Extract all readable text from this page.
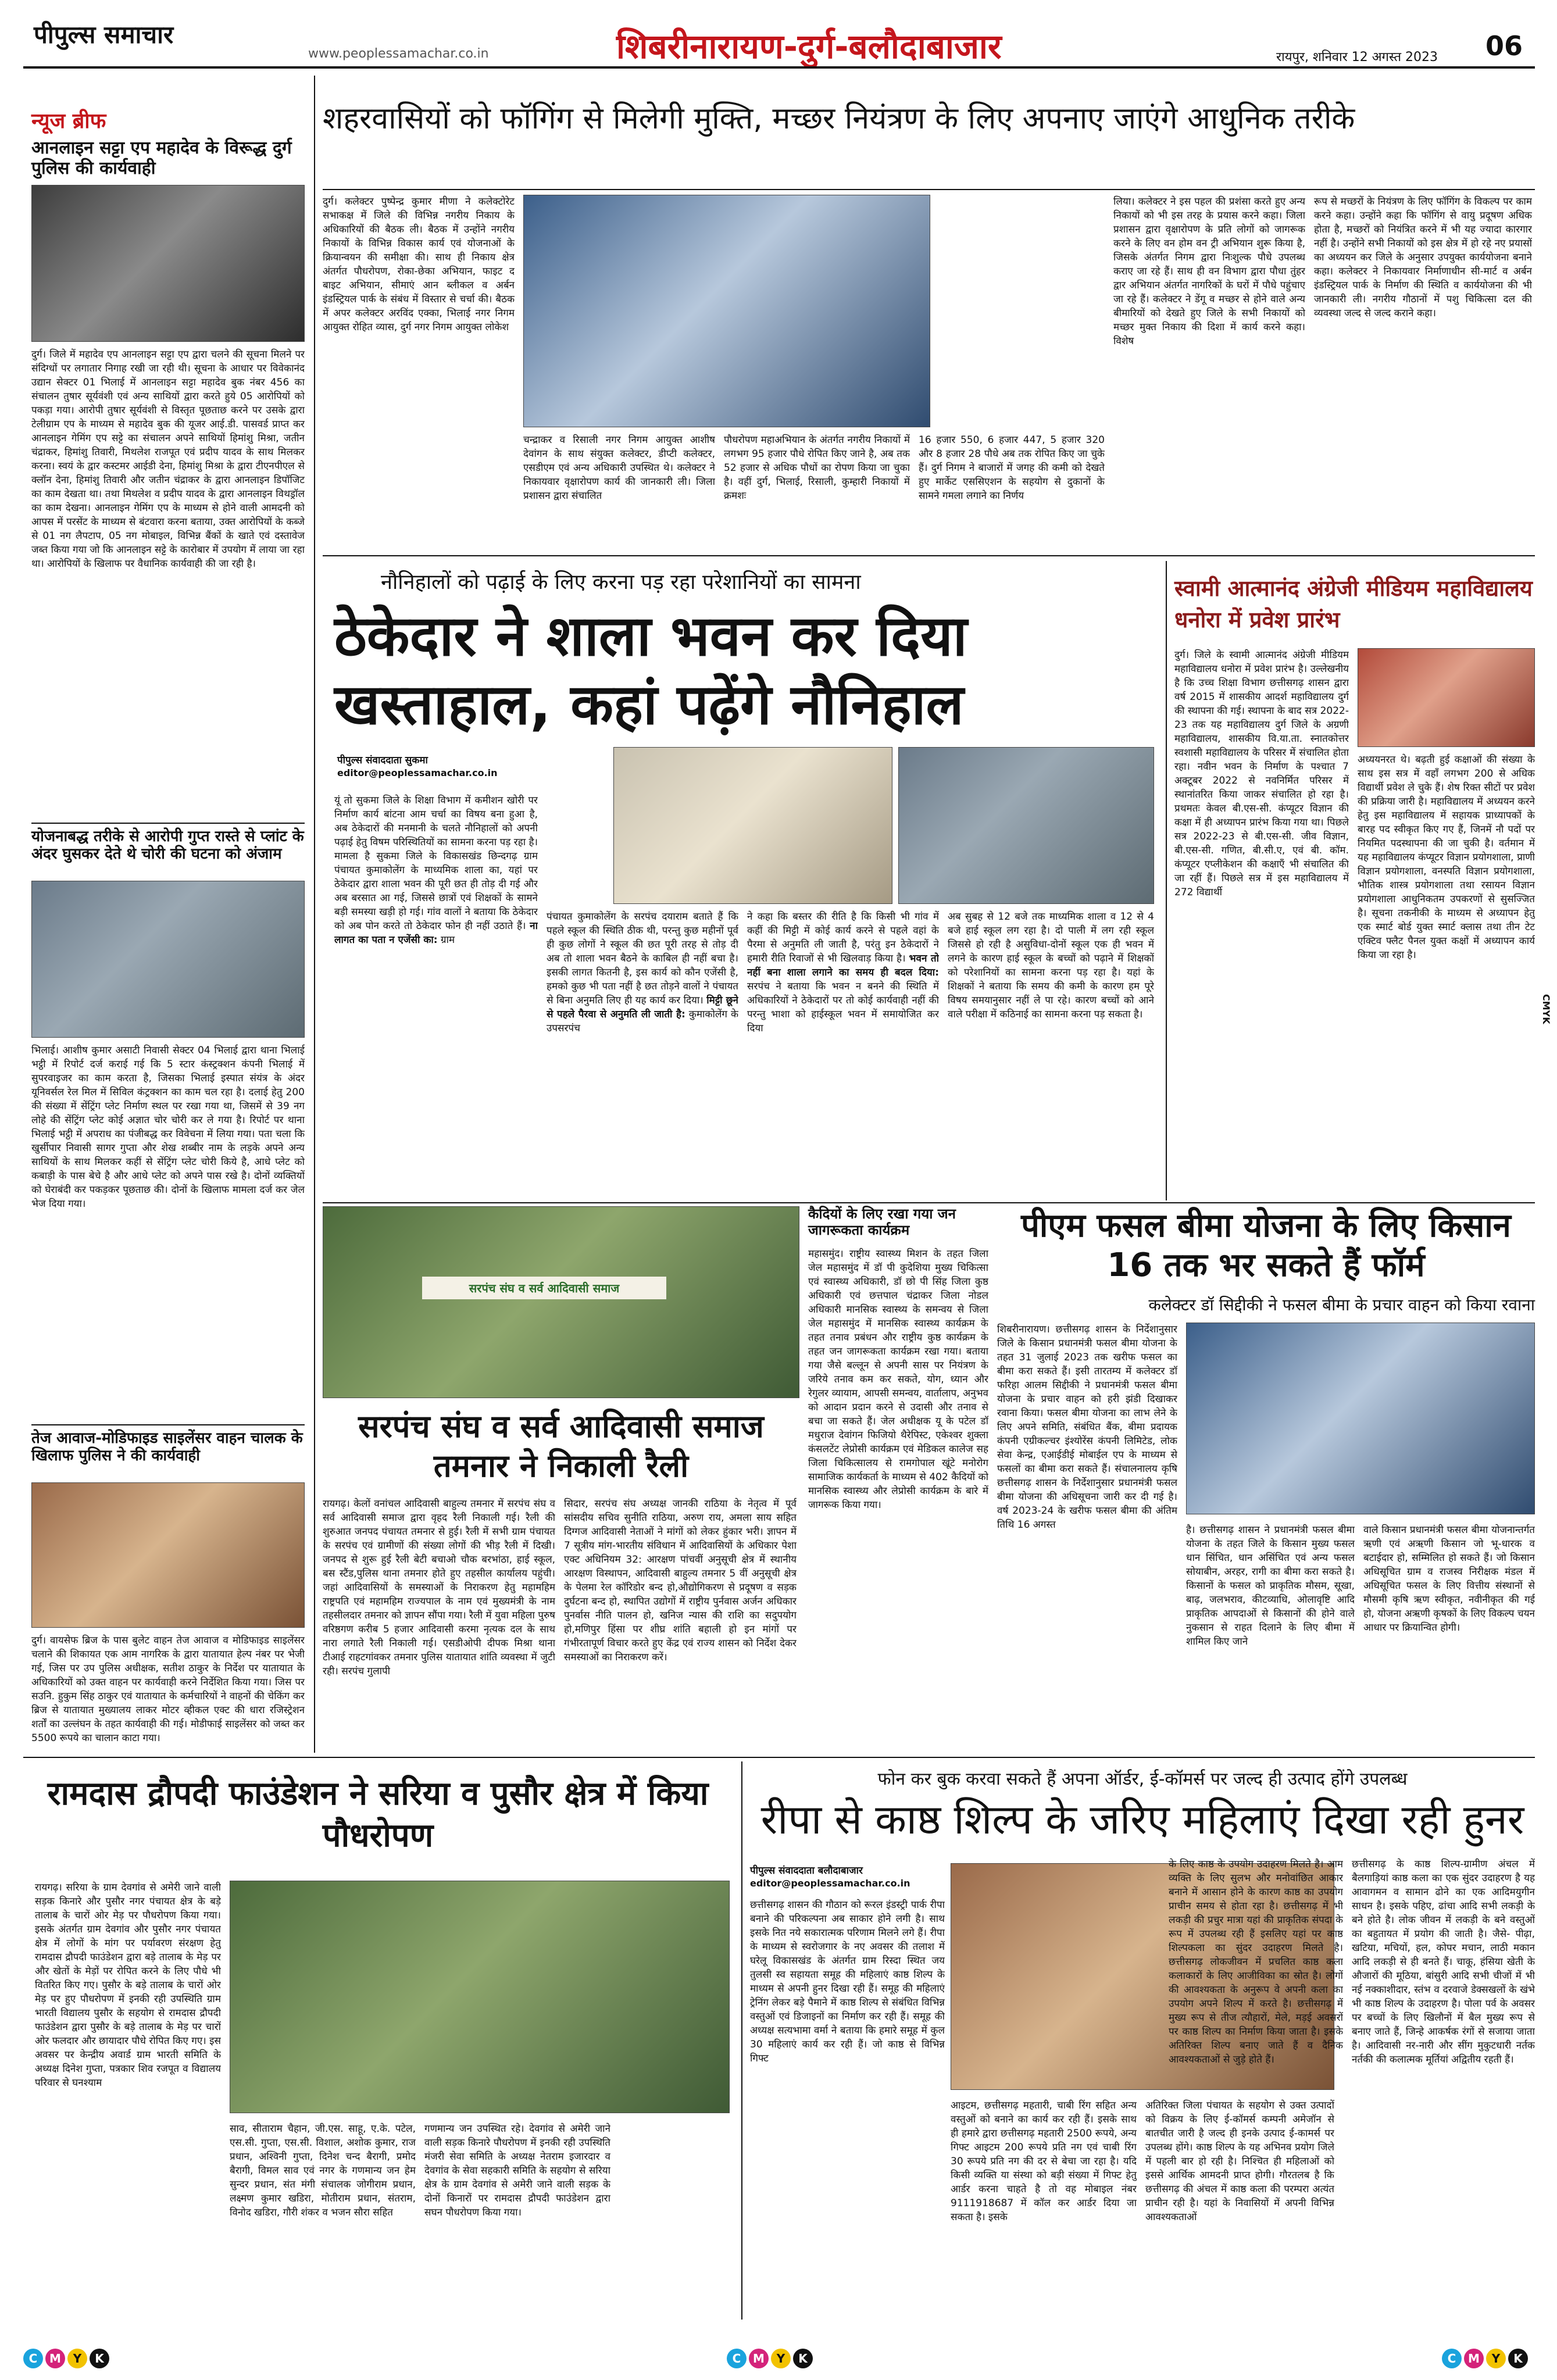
पीपुल्स समाचार
www.peoplessamachar.co.in	शिबरीनारायण-दुर्ग-बलौदाबाजार	रायपुर, शनिवार 12 अगस्त 2023 06
न्यूज ब्रीफ
आनलाइन सट्टा एप महादेव के विरूद्ध दुर्ग पुलिस की कार्यवाही
दुर्ग। जिले में महादेव एप आनलाइन सट्टा एप द्वारा चलने की सूचना मिलने पर संदिग्धों पर लगातार निगाह रखी जा रही थी। सूचना के आधार पर विवेकानंद उद्यान सेक्टर 01 भिलाई में आनलाइन सट्टा महादेव बुक नंबर 456 का संचालन तुषार सूर्यवंशी एवं अन्य साथियों द्वारा करते हुये 05 आरोपियों को पकड़ा गया। आरोपी तुषार सूर्यवंशी से विस्तृत पूछताछ करने पर उसके द्वारा टेलीग्राम एप के माध्यम से महादेव बुक की यूजर आई.डी. पासवर्ड प्राप्त कर आनलाइन गेमिंग एप सट्टे का संचालन अपने साथियों हिमांशु मिश्रा, जतीन चंद्राकर, हिमांशु तिवारी, मिथलेश राजपूत एवं प्रदीप यादव के साथ मिलकर करना। स्वयं के द्वार कस्टमर आईडी देना, हिमांशु मिश्रा के द्वारा टीएनपीएल से क्लॉन देना, हिमांशु तिवारी और जतीन चंद्राकर के द्वारा आनलाइन डिपॉजिट का काम देखता था। तथा मिथलेश व प्रदीप यादव के द्वारा आनलाइन विथड्रॉल का काम देखना। आनलाइन गेमिंग एप के माध्यम से होने वाली आमदनी को आपस में परसेंट के माध्यम से बंटवारा करना बताया, उक्त आरोपियों के कब्जे से 01 नग लैपटाप, 05 नग मोबाइल, विभिन्न बैंकों के खाते एवं दस्तावेज जब्त किया गया जो कि आनलाइन सट्टे के कारोबार में उपयोग में लाया जा रहा था। आरोपियों के खिलाफ पर वैधानिक कार्यवाही की जा रही है।
योजनाबद्ध तरीके से आरोपी गुप्त रास्ते से प्लांट के अंदर घुसकर देते थे चोरी की घटना को अंजाम
भिलाई। आशीष कुमार असाटी निवासी सेक्टर 04 भिलाई द्वारा थाना भिलाई भट्ठी में रिपोर्ट दर्ज कराई गई कि 5 स्टार कंस्ट्रक्शन कंपनी भिलाई में सुपरवाइजर का काम करता है, जिसका भिलाई इस्पात संयंत्र के अंदर यूनिवर्सल रेल मिल में सिविल कंट्रक्शन का काम चल रहा है। दलाई हेतु 200 की संख्या में सेंट्रिंग प्लेट निर्माण स्थल पर रखा गया था, जिसमें से 39 नग लोहे की सेंट्रिंग प्लेट कोई अज्ञात चोर चोरी कर ले गया है। रिपोर्ट पर थाना भिलाई भट्ठी में अपराध का पंजीबद्ध कर विवेचना में लिया गया। पता चला कि खुर्सीपार निवासी सागर गुप्ता और शेख शब्बीर नाम के लड़के अपने अन्य साथियों के साथ मिलकर कहीं से सेंट्रिंग प्लेट चोरी किये है, आधे प्लेट को कबाड़ी के पास बेचे है और आधे प्लेट को अपने पास रखे है। दोनों व्यक्तियों को घेराबंदी कर पकड़कर पूछताछ की। दोनों के खिलाफ मामला दर्ज कर जेल भेज दिया गया।
तेज आवाज-मोडिफाइड साइलेंसर वाहन चालक के खिलाफ पुलिस ने की कार्यवाही
दुर्ग। वायसेफ ब्रिज के पास बुलेट वाहन तेज आवाज व मोडिफाइड साइलेंसर चलाने की शिकायत एक आम नागरिक के द्वारा यातायात हेल्प नंबर पर भेजी गई, जिस पर उप पुलिस अधीक्षक, सतीश ठाकुर के निर्देश पर यातायात के अधिकारियों को उक्त वाहन पर कार्यवाही करने निर्देशित किया गया। जिस पर सउनि. हुकुम सिंह ठाकुर एवं यातायात के कर्मचारियों ने वाहनों की चेकिंग कर ब्रिज से यातायात मुख्यालय लाकर मोटर व्हीकल एक्ट की धारा रजिस्ट्रेशन शर्तों का उल्लंघन के तहत कार्यवाही की गई। मोडीफाई साइलेंसर को जब्त कर 5500 रूपये का चालान काटा गया।
शहरवासियों को फॉगिंग से मिलेगी मुक्ति, मच्छर नियंत्रण के लिए अपनाए जाएंगे आधुनिक तरीके
दुर्ग। कलेक्टर पुष्पेन्द्र कुमार मीणा ने कलेक्टोरेट सभाकक्ष में जिले की विभिन्न नगरीय निकाय के अधिकारियों की बैठक ली। बैठक में उन्होंने नगरीय निकायों के विभिन्न विकास कार्य एवं योजनाओं के क्रियान्वयन की समीक्षा की। साथ ही निकाय क्षेत्र अंतर्गत पौधरोपण, रोका-छेका अभियान, फाइट द बाइट अभियान, सीमाएं आन ब्लीकल व अर्बन इंडस्ट्रियल पार्क के संबंध में विस्तार से चर्चा की। बैठक में अपर कलेक्टर अरविंद एक्का, भिलाई नगर निगम आयुक्त रोहित व्यास, दुर्ग नगर निगम आयुक्त लोकेश
चन्द्राकर व रिसाली नगर निगम आयुक्त आशीष देवांगन के साथ संयुक्त कलेक्टर, डीप्टी कलेक्टर, एसडीएम एवं अन्य अधिकारी उपस्थित थे। कलेक्टर ने निकायवार वृक्षारोपण कार्य की जानकारी ली। जिला प्रशासन द्वारा संचालित
पौधरोपण महाअभियान के अंतर्गत नगरीय निकायों में लगभग 95 हजार पौधे रोपित किए जाने है, अब तक 52 हजार से अधिक पौधों का रोपण किया जा चुका है। वहीं दुर्ग, भिलाई, रिसाली, कुम्हारी निकायों में क्रमशः
16 हजार 550, 6 हजार 447, 5 हजार 320 और 8 हजार 28 पौधे अब तक रोपित किए जा चुके हैं। दुर्ग निगम ने बाजारों में जगह की कमी को देखते हुए मार्केट एससिएशन के सहयोग से दुकानों के सामने गमला लगाने का निर्णय
लिया। कलेक्टर ने इस पहल की प्रशंसा करते हुए अन्य निकायों को भी इस तरह के प्रयास करने कहा। जिला प्रशासन द्वारा वृक्षारोपण के प्रति लोगों को जागरूक करने के लिए वन होम वन ट्री अभियान शुरू किया है, जिसके अंतर्गत निगम द्वारा निःशुल्क पौधे उपलब्ध कराए जा रहे हैं। साथ ही वन विभाग द्वारा पौधा तुंहर द्वार अभियान अंतर्गत नागरिकों के घरों में पौधे पहुंचाए जा रहे हैं। कलेक्टर ने डेंगू व मच्छर से होने वाले अन्य बीमारियों को देखते हुए जिले के सभी निकायों को मच्छर मुक्त निकाय की दिशा में कार्य करने कहा। विशेष
रूप से मच्छरों के नियंत्रण के लिए फॉगिंग के विकल्प पर काम करने कहा। उन्होंने कहा कि फॉगिंग से वायु प्रदूषण अधिक होता है, मच्छरों को नियंत्रित करने में भी यह ज्यादा कारगार नहीं है। उन्होंने सभी निकायों को इस क्षेत्र में हो रहे नए प्रयासों का अध्ययन कर जिले के अनुसार उपयुक्त कार्ययोजना बनाने कहा। कलेक्टर ने निकायवार निर्माणाधीन सी-मार्ट व अर्बन इंडस्ट्रियल पार्क के निर्माण की स्थिति व कार्ययोजना की भी जानकारी ली। नगरीय गौठानों में पशु चिकित्सा दल की व्यवस्था जल्द से जल्द कराने कहा।
नौनिहालों को पढ़ाई के लिए करना पड़ रहा परेशानियों का सामना
ठेकेदार ने शाला भवन कर दिया खस्ताहाल, कहां पढ़ेंगे नौनिहाल
पीपुल्स संवाददाता सुकमा
editor@peoplessamachar.co.in
यूं तो सुकमा जिले के शिक्षा विभाग में कमीशन खोरी पर निर्माण कार्य बांटना आम चर्चा का विषय बना हुआ है, अब ठेकेदारों की मनमानी के चलते नौनिहालों को अपनी पढ़ाई हेतु विषम परिस्थितियों का सामना करना पड़ रहा है। मामला है सुकमा जिले के विकासखंड छिन्दगढ़ ग्राम पंचायत कुमाकोलेंग के माध्यमिक शाला का, यहां पर ठेकेदार द्वारा शाला भवन की पूरी छत ही तोड़ दी गई और अब बरसात आ गई, जिससे छात्रों एवं शिक्षकों के सामने बड़ी समस्या खड़ी हो गई। गांव वालों ने बताया कि ठेकेदार को अब पोन करते तो ठेकेदार फोन ही नहीं उठाते हैं। ना लागत का पता न एजेंसी का: ग्राम
पंचायत कुमाकोलेंग के सरपंच दयाराम बताते हैं कि पहले स्कूल की स्थिति ठीक थी, परन्तु कुछ महीनों पूर्व ही कुछ लोगों ने स्कूल की छत पूरी तरह से तोड़ दी अब तो शाला भवन बैठने के काबिल ही नहीं बचा है। इसकी लागत कितनी है, इस कार्य को कौन एजेंसी है, हमको कुछ भी पता नहीं है छत तोड़ने वालों ने पंचायत से बिना अनुमति लिए ही यह कार्य कर दिया। मिट्टी छूने से पहले पैरवा से अनुमति ली जाती है: कुमाकोलेंग के उपसरपंच
ने कहा कि बस्तर की रीति है कि किसी भी गांव में कहीं की मिट्टी में कोई कार्य करने से पहले वहां के पैरमा से अनुमति ली जाती है, परंतु इन ठेकेदारों ने हमारी रीति रिवाजों से भी खिलवाड़ किया है। भवन तो नहीं बना शाला लगाने का समय ही बदल दिया: सरपंच ने बताया कि भवन न बनने की स्थिति में अधिकारियों ने ठेकेदारों पर तो कोई कार्यवाही नहीं की परन्तु भाशा को हाईस्कूल भवन में समायोजित कर दिया
अब सुबह से 12 बजे तक माध्यमिक शाला व 12 से 4 बजे हाई स्कूल लग रहा है। दो पाली में लग रही स्कूल जिससे हो रही है असुविधा-दोनों स्कूल एक ही भवन में लगने के कारण हाई स्कूल के बच्चों को पढ़ाने में शिक्षकों को परेशानियों का सामना करना पड़ रहा है। यहां के शिक्षकों ने बताया कि समय की कमी के कारण हम पूरे विषय समयानुसार नहीं ले पा रहे। कारण बच्चों को आने वाले परीक्षा में कठिनाई का सामना करना पड़ सकता है।
स्वामी आत्मानंद अंग्रेजी मीडियम महाविद्यालय धनोरा में प्रवेश प्रारंभ
दुर्ग। जिले के स्वामी आत्मानंद अंग्रेजी मीडियम महाविद्यालय धनोरा में प्रवेश प्रारंभ है। उल्लेखनीय है कि उच्च शिक्षा विभाग छत्तीसगढ़ शासन द्वारा वर्ष 2015 में शासकीय आदर्श महाविद्यालय दुर्ग की स्थापना की गई। स्थापना के बाद सत्र 2022-23 तक यह महाविद्यालय दुर्ग जिले के अग्रणी महाविद्यालय, शासकीय वि.या.ता. स्नातकोत्तर स्वशासी महाविद्यालय के परिसर में संचालित होता रहा। नवीन भवन के निर्माण के पश्चात 7 अक्टूबर 2022 से नवनिर्मित परिसर में स्थानांतरित किया जाकर संचालित हो रहा है। प्रथमतः केवल बी.एस-सी. कंप्यूटर विज्ञान की कक्षा में ही अध्यापन प्रारंभ किया गया था। पिछले सत्र 2022-23 से बी.एस-सी. जीव विज्ञान, बी.एस-सी. गणित, बी.सी.ए, एवं बी. कॉम. कंप्यूटर एप्लीकेशन की कक्षाएँ भी संचालित की जा रहीं हैं। पिछले सत्र में इस महाविद्यालय में 272 विद्यार्थी
अध्ययनरत थे। बढ़ती हुई कक्षाओं की संख्या के साथ इस सत्र में वहाँ लगभग 200 से अधिक विद्यार्थी प्रवेश ले चुके हैं। शेष रिक्त सीटों पर प्रवेश की प्रक्रिया जारी है। महाविद्यालय में अध्ययन करने हेतु इस महाविद्यालय में सहायक प्राध्यापकों के बारह पद स्वीकृत किए गए हैं, जिनमें नौ पदों पर नियमित पदस्थापना की जा चुकी है। वर्तमान में यह महाविद्यालय कंप्यूटर विज्ञान प्रयोगशाला, प्राणी विज्ञान प्रयोगशाला, वनस्पति विज्ञान प्रयोगशाला, भौतिक शास्त्र प्रयोगशाला तथा रसायन विज्ञान प्रयोगशाला आधुनिकतम उपकरणों से सुसज्जित है। सूचना तकनीकी के माध्यम से अध्यापन हेतु एक स्मार्ट बोर्ड युक्त स्मार्ट क्लास तथा तीन टेट एक्टिव फ्लैट पैनल युक्त कक्षों में अध्यापन कार्य किया जा रहा है।
CMYK
सरपंच संघ व सर्व आदिवासी समाज
सरपंच संघ व सर्व आदिवासी समाज तमनार ने निकाली रैली
रायगढ़। केलों वनांचल आदिवासी बाहुल्य तमनार में सरपंच संघ व सर्व आदिवासी समाज द्वारा वृहद रैली निकाली गई। रैली की शुरुआत जनपद पंचायत तमनार से हुई। रैली में सभी ग्राम पंचायत के सरपंच एवं ग्रामीणों की संख्या लोगों की भीड़ रैली में दिखी। जनपद से शुरू हुई रैली बेटी बचाओ चौक बरभांठा, हाई स्कूल, बस स्टैंड,पुलिस थाना तमनार होते हुए तहसील कार्यालय पहुंची। जहां आदिवासियों के समस्याओं के निराकरण हेतु महामहिम राष्ट्रपति एवं महामहिम राज्यपाल के नाम एवं मुख्यमंत्री के नाम तहसीलदार तमनार को ज्ञापन सौंपा गया। रैली में युवा महिला पुरुष वरिष्ठगण करीब 5 हजार आदिवासी करमा नृत्यक दल के साथ नारा लगाते रैली निकाली गई। एसडीओपी दीपक मिश्रा थाना टीआई राहटगांवकर तमनार पुलिस यातायात शांति व्यवस्था में जुटी रही। सरपंच गुलापी
सिदार, सरपंच संघ अध्यक्ष जानकी राठिया के नेतृत्व में पूर्व सांसदीय सचिव सुनीति राठिया, अरुण राय, अमला साय सहित दिग्गज आदिवासी नेताओं ने मांगों को लेकर हुंकार भरी। ज्ञापन में 7 सूत्रीय मांग-भारतीय संविधान में आदिवासियों के अधिकार पेशा एक्ट अधिनियम 32: आरक्षण पांचवीं अनुसूची क्षेत्र में स्थानीय आरक्षण विस्थापन, आदिवासी बाहुल्य तमनार 5 वीं अनुसूची क्षेत्र के पेलमा रेल कॉरिडोर बन्द हो,औद्योगिकरण से प्रदूषण व सड़क दुर्घटना बन्द हो, स्थापित उद्योगों में राष्ट्रीय पुर्नवास अर्जन अधिकार पुनर्वास नीति पालन हो, खनिज न्यास की राशि का सदुपयोग हो,मणिपुर हिंसा पर शीघ्र शांति बहाली हो इन मांगों पर गंभीरतापूर्ण विचार करते हुए केंद्र एवं राज्य शासन को निर्देश देकर समस्याओं का निराकरण करें।
कैदियों के लिए रखा गया जन जागरूकता कार्यक्रम
महासमुंद। राष्ट्रीय स्वास्थ्य मिशन के तहत जिला जेल महासमुंद में डॉ पी कुदेशिया मुख्य चिकित्सा एवं स्वास्थ्य अधिकारी, डॉ छो पी सिंह जिला कुष्ठ अधिकारी एवं छत्तपाल चंद्राकर जिला नोडल अधिकारी मानसिक स्वास्थ्य के समन्वय से जिला जेल महासमुंद में मानसिक स्वास्थ्य कार्यक्रम के तहत तनाव प्रबंधन और राष्ट्रीय कुष्ठ कार्यक्रम के तहत जन जागरूकता कार्यक्रम रखा गया। बताया गया जैसे बल्लून से अपनी सास पर नियंत्रण के जरिये तनाव कम कर सकते, योग, ध्यान और रेगुलर व्यायाम, आपसी समन्वय, वार्तालाप, अनुभव को आदान प्रदान करने से उदासी और तनाव से बचा जा सकते हैं। जेल अधीक्षक यू के पटेल डॉ मधुराज देवांगन फिजियो थैरेपिस्ट, एकेश्वर शुक्ला कंसलटेंट लेप्रोसी कार्यक्रम एवं मेडिकल कालेज सह जिला चिकित्सालय से रामगोपाल खूंटे मनोरोग सामाजिक कार्यकर्ता के माध्यम से 402 कैदियों को मानसिक स्वास्थ्य और लेप्रोसी कार्यक्रम के बारे में जागरूक किया गया।
पीएम फसल बीमा योजना के लिए किसान 16 तक भर सकते हैं फॉर्म
कलेक्टर डॉ सिद्दीकी ने फसल बीमा के प्रचार वाहन को किया रवाना
शिबरीनारायण। छत्तीसगढ़ शासन के निर्देशानुसार जिले के किसान प्रधानमंत्री फसल बीमा योजना के तहत 31 जुलाई 2023 तक खरीफ फसल का बीमा करा सकते हैं। इसी तारतम्य में कलेक्टर डॉ फरिहा आलम सिद्दीकी ने प्रधानमंत्री फसल बीमा योजना के प्रचार वाहन को हरी झंडी दिखाकर रवाना किया। फसल बीमा योजना का लाभ लेने के लिए अपने समिति, संबंधित बैंक, बीमा प्रदायक कंपनी एग्रीकल्चर इंश्योरेंस कंपनी लिमिटेड, लोक सेवा केन्द्र, एआईडीई मोबाईल एप के माध्यम से फसलों का बीमा करा सकते हैं। संचालनालय कृषि छत्तीसगढ़ शासन के निर्देशानुसार प्रधानमंत्री फसल बीमा योजना की अधिसूचना जारी कर दी गई है। वर्ष 2023-24 के खरीफ फसल बीमा की अंतिम तिथि 16 अगस्त	है। छत्तीसगढ़ शासन ने प्रधानमंत्री फसल बीमा योजना के तहत जिले के किसान मुख्य फसल धान सिंचित, धान असिंचित एवं अन्य फसल सोयाबीन, अरहर, रागी का बीमा करा सकते है। किसानों के फसल को प्राकृतिक मौसम, सूखा, बाढ़, जलभराव, कीटव्याधि, ओलावृष्टि आदि प्राकृतिक आपदाओं से किसानों की होने वाले नुकसान से राहत दिलाने के लिए बीमा में शामिल किए जाने
वाले किसान प्रधानमंत्री फसल बीमा योजनान्तर्गत ऋणी एवं अऋणी किसान जो भू-धारक व बटाईदार हो, सम्मिलित हो सकते हैं। जो किसान अधिसूचित ग्राम व राजस्व निरीक्षक मंडल में अधिसूचित फसल के लिए वित्तीय संस्थानों से मौसमी कृषि ऋण स्वीकृत, नवीनीकृत की गई हो, योजना अऋणी कृषकों के लिए विकल्प चयन आधार पर क्रियान्वित होगी।
रामदास द्रौपदी फाउंडेशन ने सरिया व पुसौर क्षेत्र में किया पौधरोपण
रायगढ़। सरिया के ग्राम देवगांव से अमेरी जाने वाली सड़क किनारे और पुसौर नगर पंचायत क्षेत्र के बड़े तालाब के चारों ओर मेड़ पर पौधरोपण किया गया। इसके अंतर्गत ग्राम देवगांव और पुसौर नगर पंचायत क्षेत्र में लोगों के मांग पर पर्यावरण संरक्षण हेतु रामदास द्रौपदी फाउंडेशन द्वारा बड़े तालाब के मेड़ पर और खेतों के मेड़ों पर रोपित करने के लिए पौधे भी वितरित किए गए। पुसौर के बड़े तालाब के चारों ओर मेड़ पर हुए पौधरोपण में इनकी रही उपस्थिति ग्राम भारती विद्यालय पुसौर के सहयोग से रामदास द्रौपदी फाउंडेशन द्वारा पुसौर के बड़े तालाब के मेड़ पर चारों ओर फलदार और छायादार पौधे रोपित किए गए। इस अवसर पर केन्द्रीय अवार्ड ग्राम भारती समिति के अध्यक्ष दिनेश गुप्ता, पत्रकार शिव रजपूत व विद्यालय परिवार से घनश्याम
साव, सीताराम चैहान, जी.एस. साहू, ए.के. पटेल, एस.सी. गुप्ता, एस.सी. विशाल, अशोक कुमार, राज प्रधान, अश्विनी गुप्ता, दिनेश चन्द बैरागी, प्रमोद बैरागी, विमल साव एवं नगर के गणमान्य जन हेम सुन्दर प्रधान, संत मंगी संचालक जोगीराम प्रधान, लक्ष्मण कुमार खडिरा, मोतीराम प्रधान, संतराम, विनोद खडिरा, गौरी शंकर व भजन सौरा सहित
गणमान्य जन उपस्थित रहे। देवगांव से अमेरी जाने वाली सड़क किनारे पौधरोपण में इनकी रही उपस्थिति मंजरी सेवा समिति के अध्यक्ष नेतराम इजारदार व देवगांव के सेवा सहकारी समिति के सहयोग से सरिया क्षेत्र के ग्राम देवगांव से अमेरी जाने वाली सड़क के दोनों किनारों पर रामदास द्रौपदी फाउंडेशन द्वारा सघन पौधरोपण किया गया।
फोन कर बुक करवा सकते हैं अपना ऑर्डर, ई-कॉमर्स पर जल्द ही उत्पाद होंगे उपलब्ध
रीपा से काष्ठ शिल्प के जरिए महिलाएं दिखा रही हुनर
पीपुल्स संवाददाता बलौदाबाजार
editor@peoplessamachar.co.in
छत्तीसगढ़ शासन की गौठान को रूरल इंडस्ट्री पार्क रीपा बनाने की परिकल्पना अब साकार होने लगी है। साथ इसके नित नये सकारात्मक परिणाम मिलने लगे हैं। रीपा के माध्यम से स्वरोजगार के नए अवसर की तलाश में घरेलू विकासखंड के अंतर्गत ग्राम रिस्दा स्थित जय तुलसी स्व सहायता समूह की महिलाएं काष्ठ शिल्प के माध्यम से अपनी हुनर दिखा रही हैं। समूह की महिलाएं ट्रेनिंग लेकर बड़े पैमाने में काष्ठ शिल्प से संबंधित विभिन्न वस्तुओं एवं डिजाइनों का निर्माण कर रही हैं। समूह की अध्यक्ष सत्यभामा वर्मा ने बताया कि हमारे समूह में कुल 30 महिलाएं कार्य कर रही हैं। जो काष्ठ से विभिन्न गिफ्ट
आइटम, छत्तीसगढ़ महतारी, चाबी रिंग सहित अन्य वस्तुओं को बनाने का कार्य कर रही हैं। इसके साथ ही हमारे द्वारा छत्तीसगढ़ महतारी 2500 रूपये, अन्य गिफ्ट आइटम 200 रूपये प्रति नग एवं चाबी रिंग 30 रूपये प्रति नग की दर से बेचा जा रहा है। यदि किसी व्यक्ति या संस्था को बड़ी संख्या में गिफ्ट हेतु आर्डर करना चाहते है तो वह मोबाइल नंबर 9111918687 में कॉल कर आर्डर दिया जा सकता है। इसके
अतिरिक्त जिला पंचायत के सहयोग से उक्त उत्पादों को विक्रय के लिए ई-कॉमर्स कम्पनी अमेजॉन से बातचीत जारी है जल्द ही इनके उत्पाद ई-कामर्स पर उपलब्ध होंगे। काष्ठ शिल्प के यह अभिनव प्रयोग जिले में पहली बार हो रही है। निश्चित ही महिलाओं को इससे आर्थिक आमदनी प्राप्त होगी। गौरतलब है कि छत्तीसगढ़ की अंचल में काष्ठ कला की परम्परा अत्यंत प्राचीन रही है। यहां के निवासियों में अपनी विभिन्न आवश्यकताओं
के लिए काष्ठ के उपयोग उदाहरण मिलते है। आम व्यक्ति के लिए सुलभ और मनोवांछित आकार बनाने में आसान होने के कारण काष्ठ का उपयोग प्राचीन समय से होता रहा है। छत्तीसगढ़ में भी लकड़ी की प्रचुर मात्रा यहां की प्राकृतिक संपदा के रूप में उपलब्ध रही हैं इसलिए यहां पर काष्ठ शिल्पकला का सुंदर उदाहरण मिलते है। छत्तीसगढ़ लोकजीवन में प्रचलित काष्ठ कला कलाकारों के लिए आजीविका का स्रोत है। लोगों की आवश्यकता के अनुरूप वे अपनी कला का उपयोग अपने शिल्प में करते है। छत्तीसगढ़ में मुख्य रूप से तीज त्यौहारों, मेले, मड़ई अवसरों पर काष्ठ शिल्प का निर्माण किया जाता है। इसके अतिरिक्त शिल्प बनाए जाते हैं व दैनिक आवश्यकताओं से जुड़े होते हैं।
छत्तीसगढ़ के काष्ठ शिल्प-ग्रामीण अंचल में बैलगाड़ियां काष्ठ कला का एक सुंदर उदाहरण है यह आवागमन व सामान ढोने का एक आदिमयुगीन साधन है। इसके पहिए, ढांचा आदि सभी लकड़ी के बने होते है। लोक जीवन में लकड़ी के बने वस्तुओं का बहुतायत में प्रयोग की जाती है। जैसे- पीढ़ा, खटिया, मचियों, हल, कोपर मचान, लाठी मकान आदि लकड़ी से ही बनते हैं। चाकू, हंसिया खेती के औजारों की मूठिया, बांसुरी आदि सभी चीजों में भी नई नक्काशीदार, स्तंभ व दरवाजे डेक्सखलों के खंभे भी काष्ठ शिल्प के उदाहरण है। पोला पर्व के अवसर पर बच्चों के लिए खिलौनों में बैल मुख्य रूप से बनाए जाते हैं, जिन्हे आकर्षक रंगों से सजाया जाता है। आदिवासी नर-नारी और सींग मुकुटधारी नर्तक नर्तकी की कलात्मक मूर्तियां अद्वितीय रहती हैं।
C M Y K	C M Y K	C M Y K
